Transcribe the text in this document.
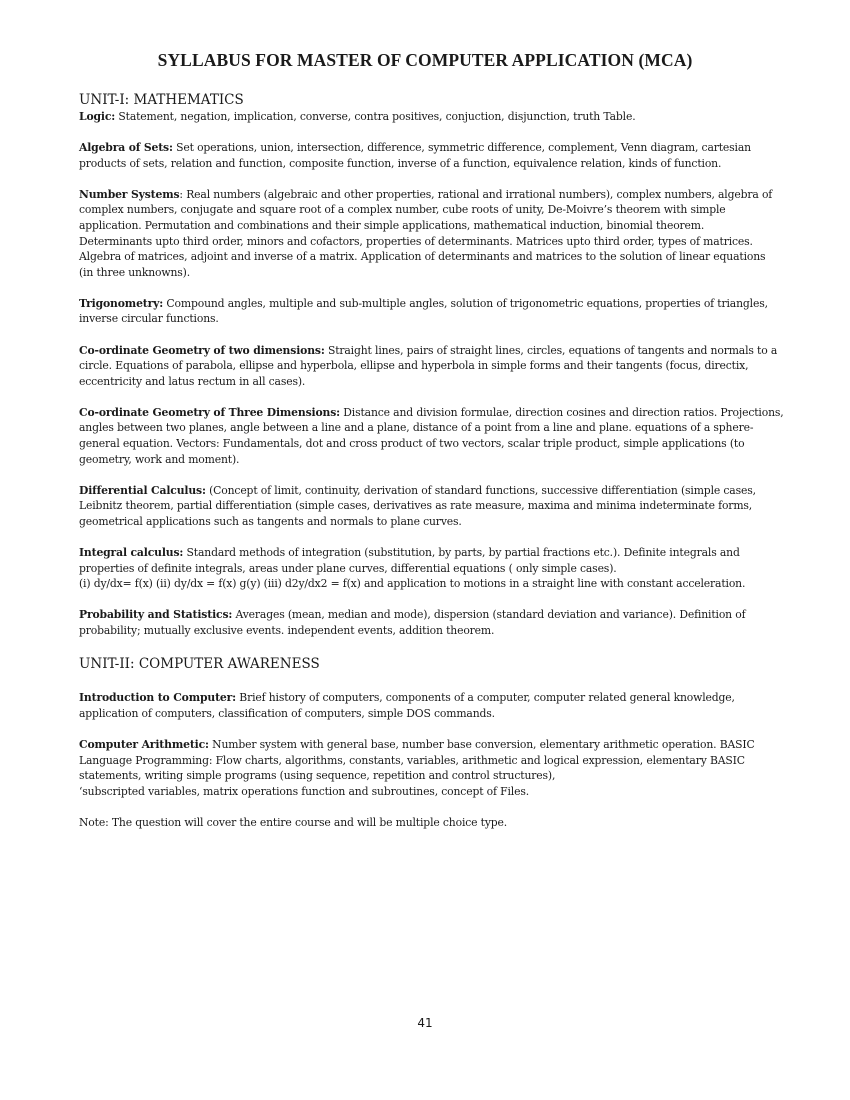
SYLLABUS FOR MASTER OF COMPUTER APPLICATION (MCA)
UNIT-I: MATHEMATICS
Logic: Statement, negation, implication, converse, contra positives, conjuction, disjunction, truth Table.
Algebra of Sets: Set operations, union, intersection, difference, symmetric difference, complement, Venn diagram, cartesian
products of sets, relation and function, composite function, inverse of a function, equivalence relation, kinds of function.
Number Systems: Real numbers (algebraic and other properties, rational and irrational numbers), complex numbers, algebra of
complex numbers, conjugate and square root of a complex number, cube roots of unity, De-Moivre’s theorem with simple
application. Permutation and combinations and their simple applications, mathematical induction, binomial theorem.
Determinants upto third order, minors and cofactors, properties of determinants. Matrices upto third order, types of matrices.
Algebra of matrices, adjoint and inverse of a matrix. Application of determinants and matrices to the solution of linear equations
(in three unknowns).
Trigonometry: Compound angles, multiple and sub-multiple angles, solution of trigonometric equations, properties of triangles,
inverse circular functions.
Co-ordinate Geometry of two dimensions: Straight lines, pairs of straight lines, circles, equations of tangents and normals to a
circle. Equations of parabola, ellipse and hyperbola, ellipse and hyperbola in simple forms and their tangents (focus, directix,
eccentricity and latus rectum in all cases).
Co-ordinate Geometry of Three Dimensions: Distance and division formulae, direction cosines and direction ratios. Projections,
angles between two planes, angle between a line and a plane, distance of a point from a line and plane. equations of a sphere-
general equation. Vectors: Fundamentals, dot and cross product of two vectors, scalar triple product, simple applications (to
geometry, work and moment).
Differential Calculus: (Concept of limit, continuity, derivation of standard functions, successive differentiation (simple cases,
Leibnitz theorem, partial differentiation (simple cases, derivatives as rate measure, maxima and minima indeterminate forms,
geometrical applications such as tangents and normals to plane curves.
Integral calculus: Standard methods of integration (substitution, by parts, by partial fractions etc.). Definite integrals and
properties of definite integrals, areas under plane curves, differential equations ( only simple cases).
(i) dy/dx= f(x) (ii) dy/dx = f(x) g(y) (iii) d2y/dx2 = f(x) and application to motions in a straight line with constant acceleration.
Probability and Statistics: Averages (mean, median and mode), dispersion (standard deviation and variance). Definition of
probability; mutually exclusive events. independent events, addition theorem.
UNIT-II: COMPUTER AWARENESS
Introduction to Computer: Brief history of computers, components of a computer, computer related general knowledge,
application of computers, classification of computers, simple DOS commands.
Computer Arithmetic: Number system with general base, number base conversion, elementary arithmetic operation. BASIC
Language Programming: Flow charts, algorithms, constants, variables, arithmetic and logical expression, elementary BASIC
statements, writing simple programs (using sequence, repetition and control structures),
‘subscripted variables, matrix operations function and subroutines, concept of Files.
Note: The question will cover the entire course and will be multiple choice type.
41
